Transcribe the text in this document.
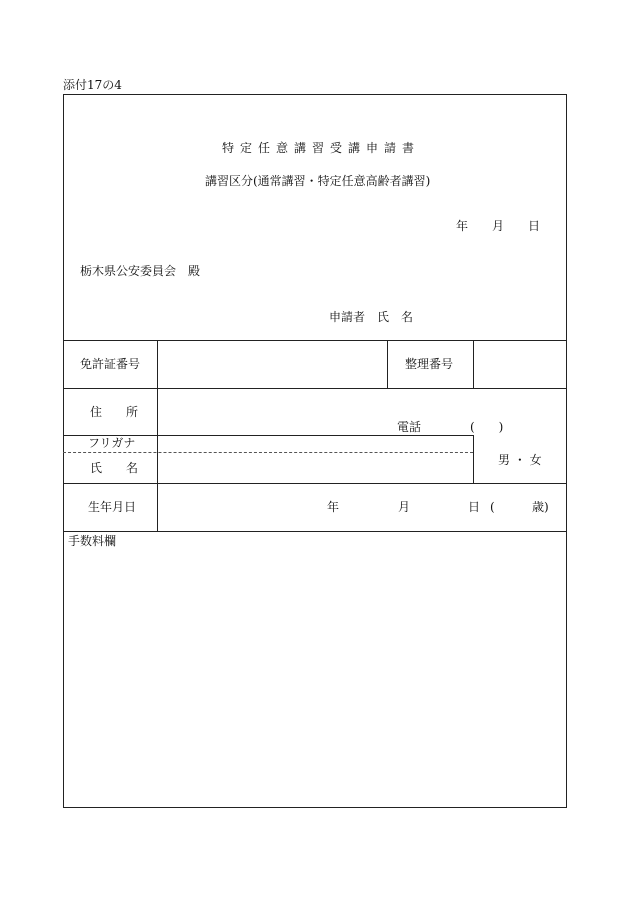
添付17の4
特定任意講習受講申請書
講習区分(通常講習・特定任意高齢者講習)
年 月 日
栃木県公安委員会　殿
申請者　氏　名
免許証番号	整理番号
住　　所
電話	(　　)
フリガナ
氏　　名
男 ・ 女
生年月日	年	月	日 (	歳)
手数料欄
